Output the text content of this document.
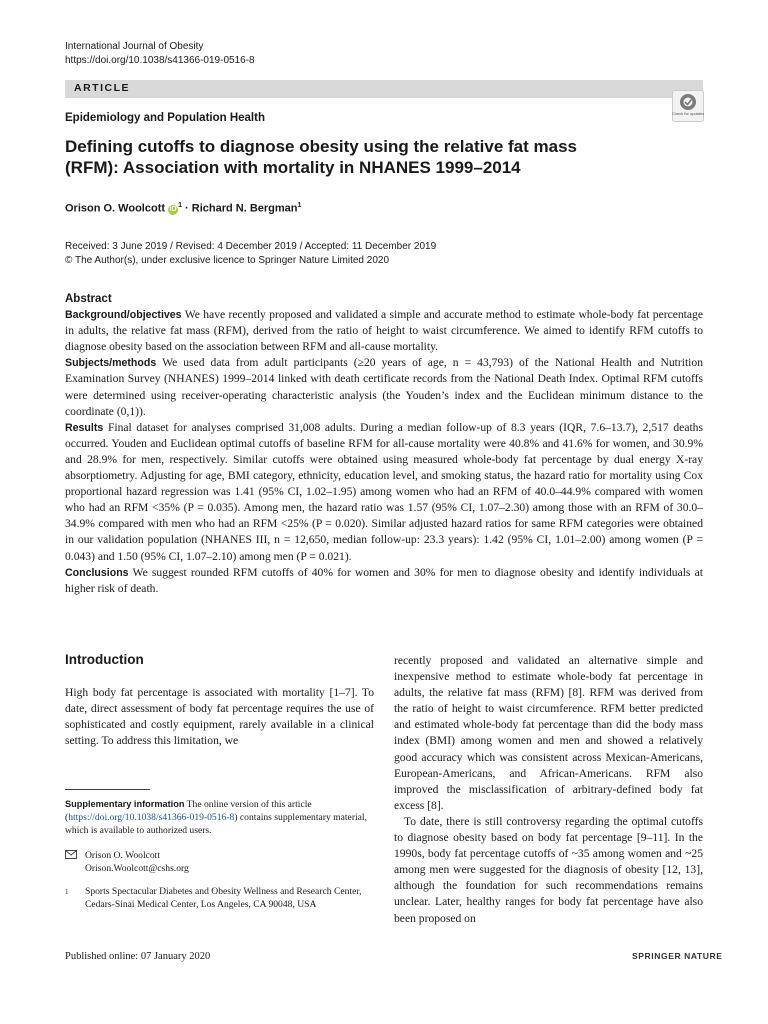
International Journal of Obesity
https://doi.org/10.1038/s41366-019-0516-8
ARTICLE
Check for updates
Epidemiology and Population Health
Defining cutoffs to diagnose obesity using the relative fat mass (RFM): Association with mortality in NHANES 1999–2014
Orison O. Woolcott $iD^1$ · Richard N. Bergman$^1$
Received: 3 June 2019 / Revised: 4 December 2019 / Accepted: 11 December 2019
© The Author(s), under exclusive licence to Springer Nature Limited 2020
Abstract

Background/objectives We have recently proposed and validated a simple and accurate method to estimate whole-body fat percentage in adults, the relative fat mass (RFM), derived from the ratio of height to waist circumference. We aimed to identify RFM cutoffs to diagnose obesity based on the association between RFM and all-cause mortality.

Subjects/methods We used data from adult participants (≥20 years of age, n = 43,793) of the National Health and Nutrition Examination Survey (NHANES) 1999–2014 linked with death certificate records from the National Death Index. Optimal RFM cutoffs were determined using receiver-operating characteristic analysis (the Youden’s index and the Euclidean minimum distance to the coordinate (0,1)).

Results Final dataset for analyses comprised 31,008 adults. During a median follow-up of 8.3 years (IQR, 7.6–13.7), 2,517 deaths occurred. Youden and Euclidean optimal cutoffs of baseline RFM for all-cause mortality were 40.8% and 41.6% for women, and 30.9% and 28.9% for men, respectively. Similar cutoffs were obtained using measured whole-body fat percentage by dual energy X-ray absorptiometry. Adjusting for age, BMI category, ethnicity, education level, and smoking status, the hazard ratio for mortality using Cox proportional hazard regression was 1.41 (95% CI, 1.02–1.95) among women who had an RFM of 40.0–44.9% compared with women who had an RFM <35% (P = 0.035). Among men, the hazard ratio was 1.57 (95% CI, 1.07–2.30) among those with an RFM of 30.0–34.9% compared with men who had an RFM <25% (P = 0.020). Similar adjusted hazard ratios for same RFM categories were obtained in our validation population (NHANES III, n = 12,650, median follow-up: 23.3 years): 1.42 (95% CI, 1.01–2.00) among women (P = 0.043) and 1.50 (95% CI, 1.07–2.10) among men (P = 0.021).

Conclusions We suggest rounded RFM cutoffs of 40% for women and 30% for men to diagnose obesity and identify individuals at higher risk of death.

Introduction
High body fat percentage is associated with mortality [1–7]. To date, direct assessment of body fat percentage requires the use of sophisticated and costly equipment, rarely available in a clinical setting. To address this limitation, we
Supplementary information The online version of this article (https://doi.org/10.1038/s41366-019-0516-8) contains supplementary material, which is available to authorized users.
Orison O. Woolcott
Orison.Woolcott@cshs.org
1	Sports Spectacular Diabetes and Obesity Wellness and Research Center, Cedars-Sinai Medical Center, Los Angeles, CA 90048, USA

recently proposed and validated an alternative simple and inexpensive method to estimate whole-body fat percentage in adults, the relative fat mass (RFM) [8]. RFM was derived from the ratio of height to waist circumference. RFM better predicted and estimated whole-body fat percentage than did the body mass index (BMI) among women and men and showed a relatively good accuracy which was consistent across Mexican-Americans, European-Americans, and African-Americans. RFM also improved the misclassification of arbitrary-defined body fat excess [8].

To date, there is still controversy regarding the optimal cutoffs to diagnose obesity based on body fat percentage [9–11]. In the 1990s, body fat percentage cutoffs of ~35 among women and ~25 among men were suggested for the diagnosis of obesity [12, 13], although the foundation for such recommendations remains unclear. Later, healthy ranges for body fat percentage have also been proposed on

Published online: 07 January 2020	SPRINGER NATURE
